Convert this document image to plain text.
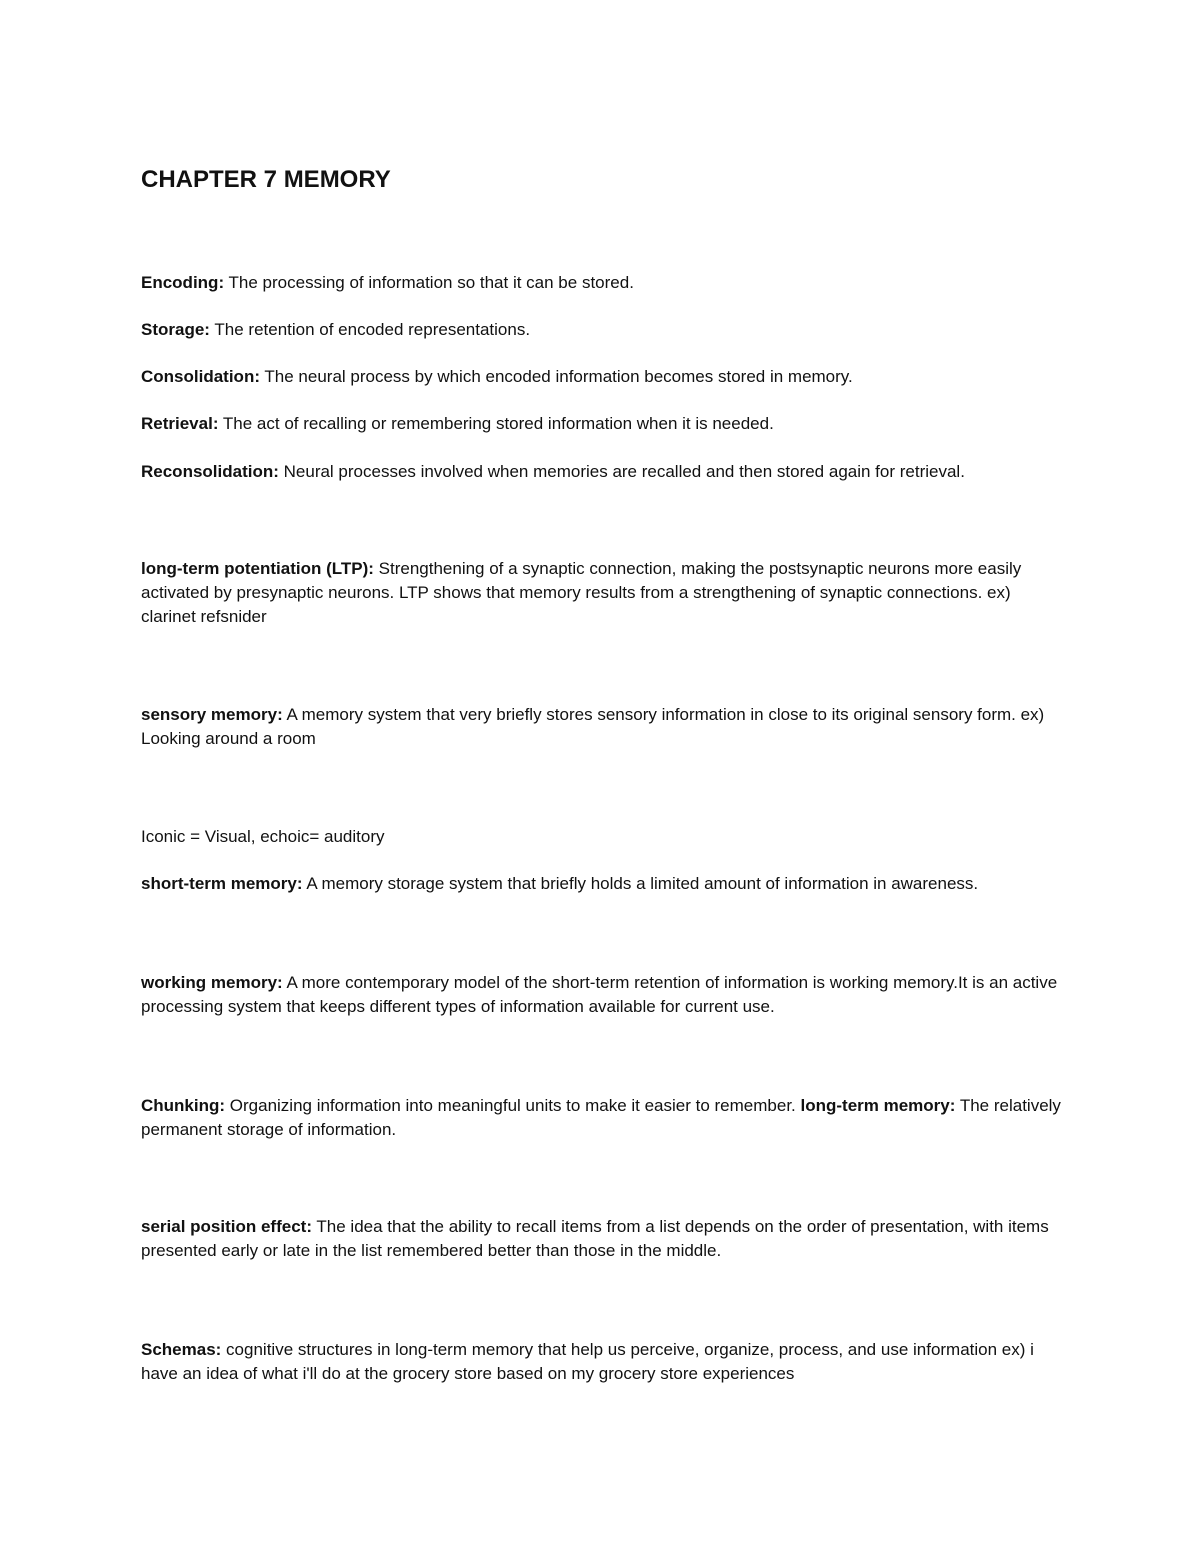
CHAPTER 7 MEMORY

Encoding: The processing of information so that it can be stored.

Storage: The retention of encoded representations.

Consolidation: The neural process by which encoded information becomes stored in memory.

Retrieval: The act of recalling or remembering stored information when it is needed.

Reconsolidation: Neural processes involved when memories are recalled and then stored again for retrieval.

long-term potentiation (LTP): Strengthening of a synaptic connection, making the postsynaptic neurons more easily activated by presynaptic neurons. LTP shows that memory results from a strengthening of synaptic connections. ex) clarinet refsnider

sensory memory: A memory system that very briefly stores sensory information in close to its original sensory form. ex) Looking around a room

Iconic = Visual, echoic= auditory

short-term memory: A memory storage system that briefly holds a limited amount of information in awareness.

working memory: A more contemporary model of the short-term retention of information is working memory.It is an active processing system that keeps different types of information available for current use.

Chunking: Organizing information into meaningful units to make it easier to remember. long-term memory: The relatively permanent storage of information.

serial position effect: The idea that the ability to recall items from a list depends on the order of presentation, with items presented early or late in the list remembered better than those in the middle.

Schemas: cognitive structures in long-term memory that help us perceive, organize, process, and use information ex) i have an idea of what i'll do at the grocery store based on my grocery store experiences
